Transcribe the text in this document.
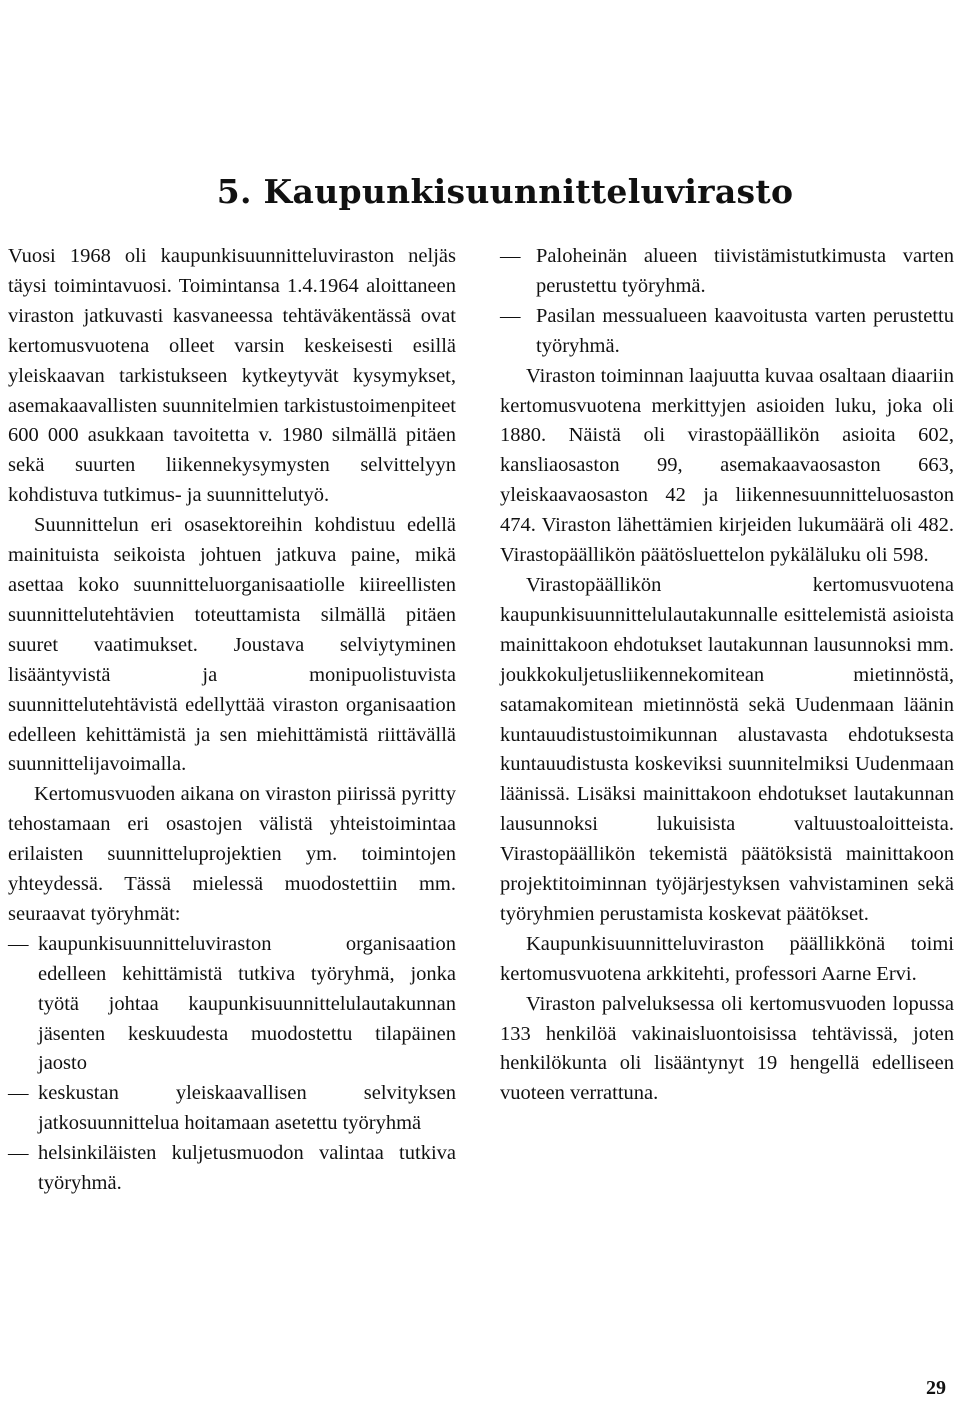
5. Kaupunkisuunnitteluvirasto

Vuosi 1968 oli kaupunkisuunnitteluviraston neljäs täysi toimintavuosi. Toimintansa 1.4.1964 aloittaneen viraston jatkuvasti kasvaneessa tehtäväkentässä ovat kertomusvuotena olleet varsin keskeisesti esillä yleiskaavan tarkistukseen kytkeytyvät kysymykset, asemakaavallisten suunnitelmien tarkistustoimenpiteet 600 000 asukkaan tavoitetta v. 1980 silmällä pitäen sekä suurten liikennekysymysten selvittelyyn kohdistuva tutkimus- ja suunnittelutyö.

Suunnittelun eri osasektoreihin kohdistuu edellä mainituista seikoista johtuen jatkuva paine, mikä asettaa koko suunnitteluorganisaatiolle kiireellisten suunnittelutehtävien toteuttamista silmällä pitäen suuret vaatimukset. Joustava selviytyminen lisääntyvistä ja monipuolistuvista suunnittelutehtävistä edellyttää viraston organisaation edelleen kehittämistä ja sen miehittämistä riittävällä suunnittelijavoimalla.

Kertomusvuoden aikana on viraston piirissä pyritty tehostamaan eri osastojen välistä yhteistoimintaa erilaisten suunnitteluprojektien ym. toimintojen yhteydessä. Tässä mielessä muodostettiin mm. seuraavat työryhmät:

— kaupunkisuunnitteluviraston organisaation edelleen kehittämistä tutkiva työryhmä, jonka työtä johtaa kaupunkisuunnittelulautakunnan jäsenten keskuudesta muodostettu tilapäinen jaosto
— keskustan yleiskaavallisen selvityksen jatkosuunnittelua hoitamaan asetettu työryhmä
— helsinkiläisten kuljetusmuodon valintaa tutkiva työryhmä.
— Paloheinän alueen tiivistämistutkimusta varten perustettu työryhmä.
— Pasilan messualueen kaavoitusta varten perustettu työryhmä.

Viraston toiminnan laajuutta kuvaa osaltaan diaariin kertomusvuotena merkittyjen asioiden luku, joka oli 1880. Näistä oli virastopäällikön asioita 602, kansliaosaston 99, asemakaavaosaston 663, yleiskaavaosaston 42 ja liikennesuunnitteluosaston 474. Viraston lähettämien kirjeiden lukumäärä oli 482. Virastopäällikön päätösluettelon pykäläluku oli 598.

Virastopäällikön kertomusvuotena kaupunkisuunnittelulautakunnalle esittelemistä asioista mainittakoon ehdotukset lautakunnan lausunnoksi mm. joukkokuljetusliikennekomitean mietinnöstä, satamakomitean mietinnöstä sekä Uudenmaan läänin kuntauudistustoimikunnan alustavasta ehdotuksesta kuntauudistusta koskeviksi suunnitelmiksi Uudenmaan läänissä. Lisäksi mainittakoon ehdotukset lautakunnan lausunnoksi lukuisista valtuustoaloitteista. Virastopäällikön tekemistä päätöksistä mainittakoon projektitoiminnan työjärjestyksen vahvistaminen sekä työryhmien perustamista koskevat päätökset.

Kaupunkisuunnitteluviraston päällikkönä toimi kertomusvuotena arkkitehti, professori Aarne Ervi.

Viraston palveluksessa oli kertomusvuoden lopussa 133 henkilöä vakinaisluontoisissa tehtävissä, joten henkilökunta oli lisääntynyt 19 hengellä edelliseen vuoteen verrattuna.

29
